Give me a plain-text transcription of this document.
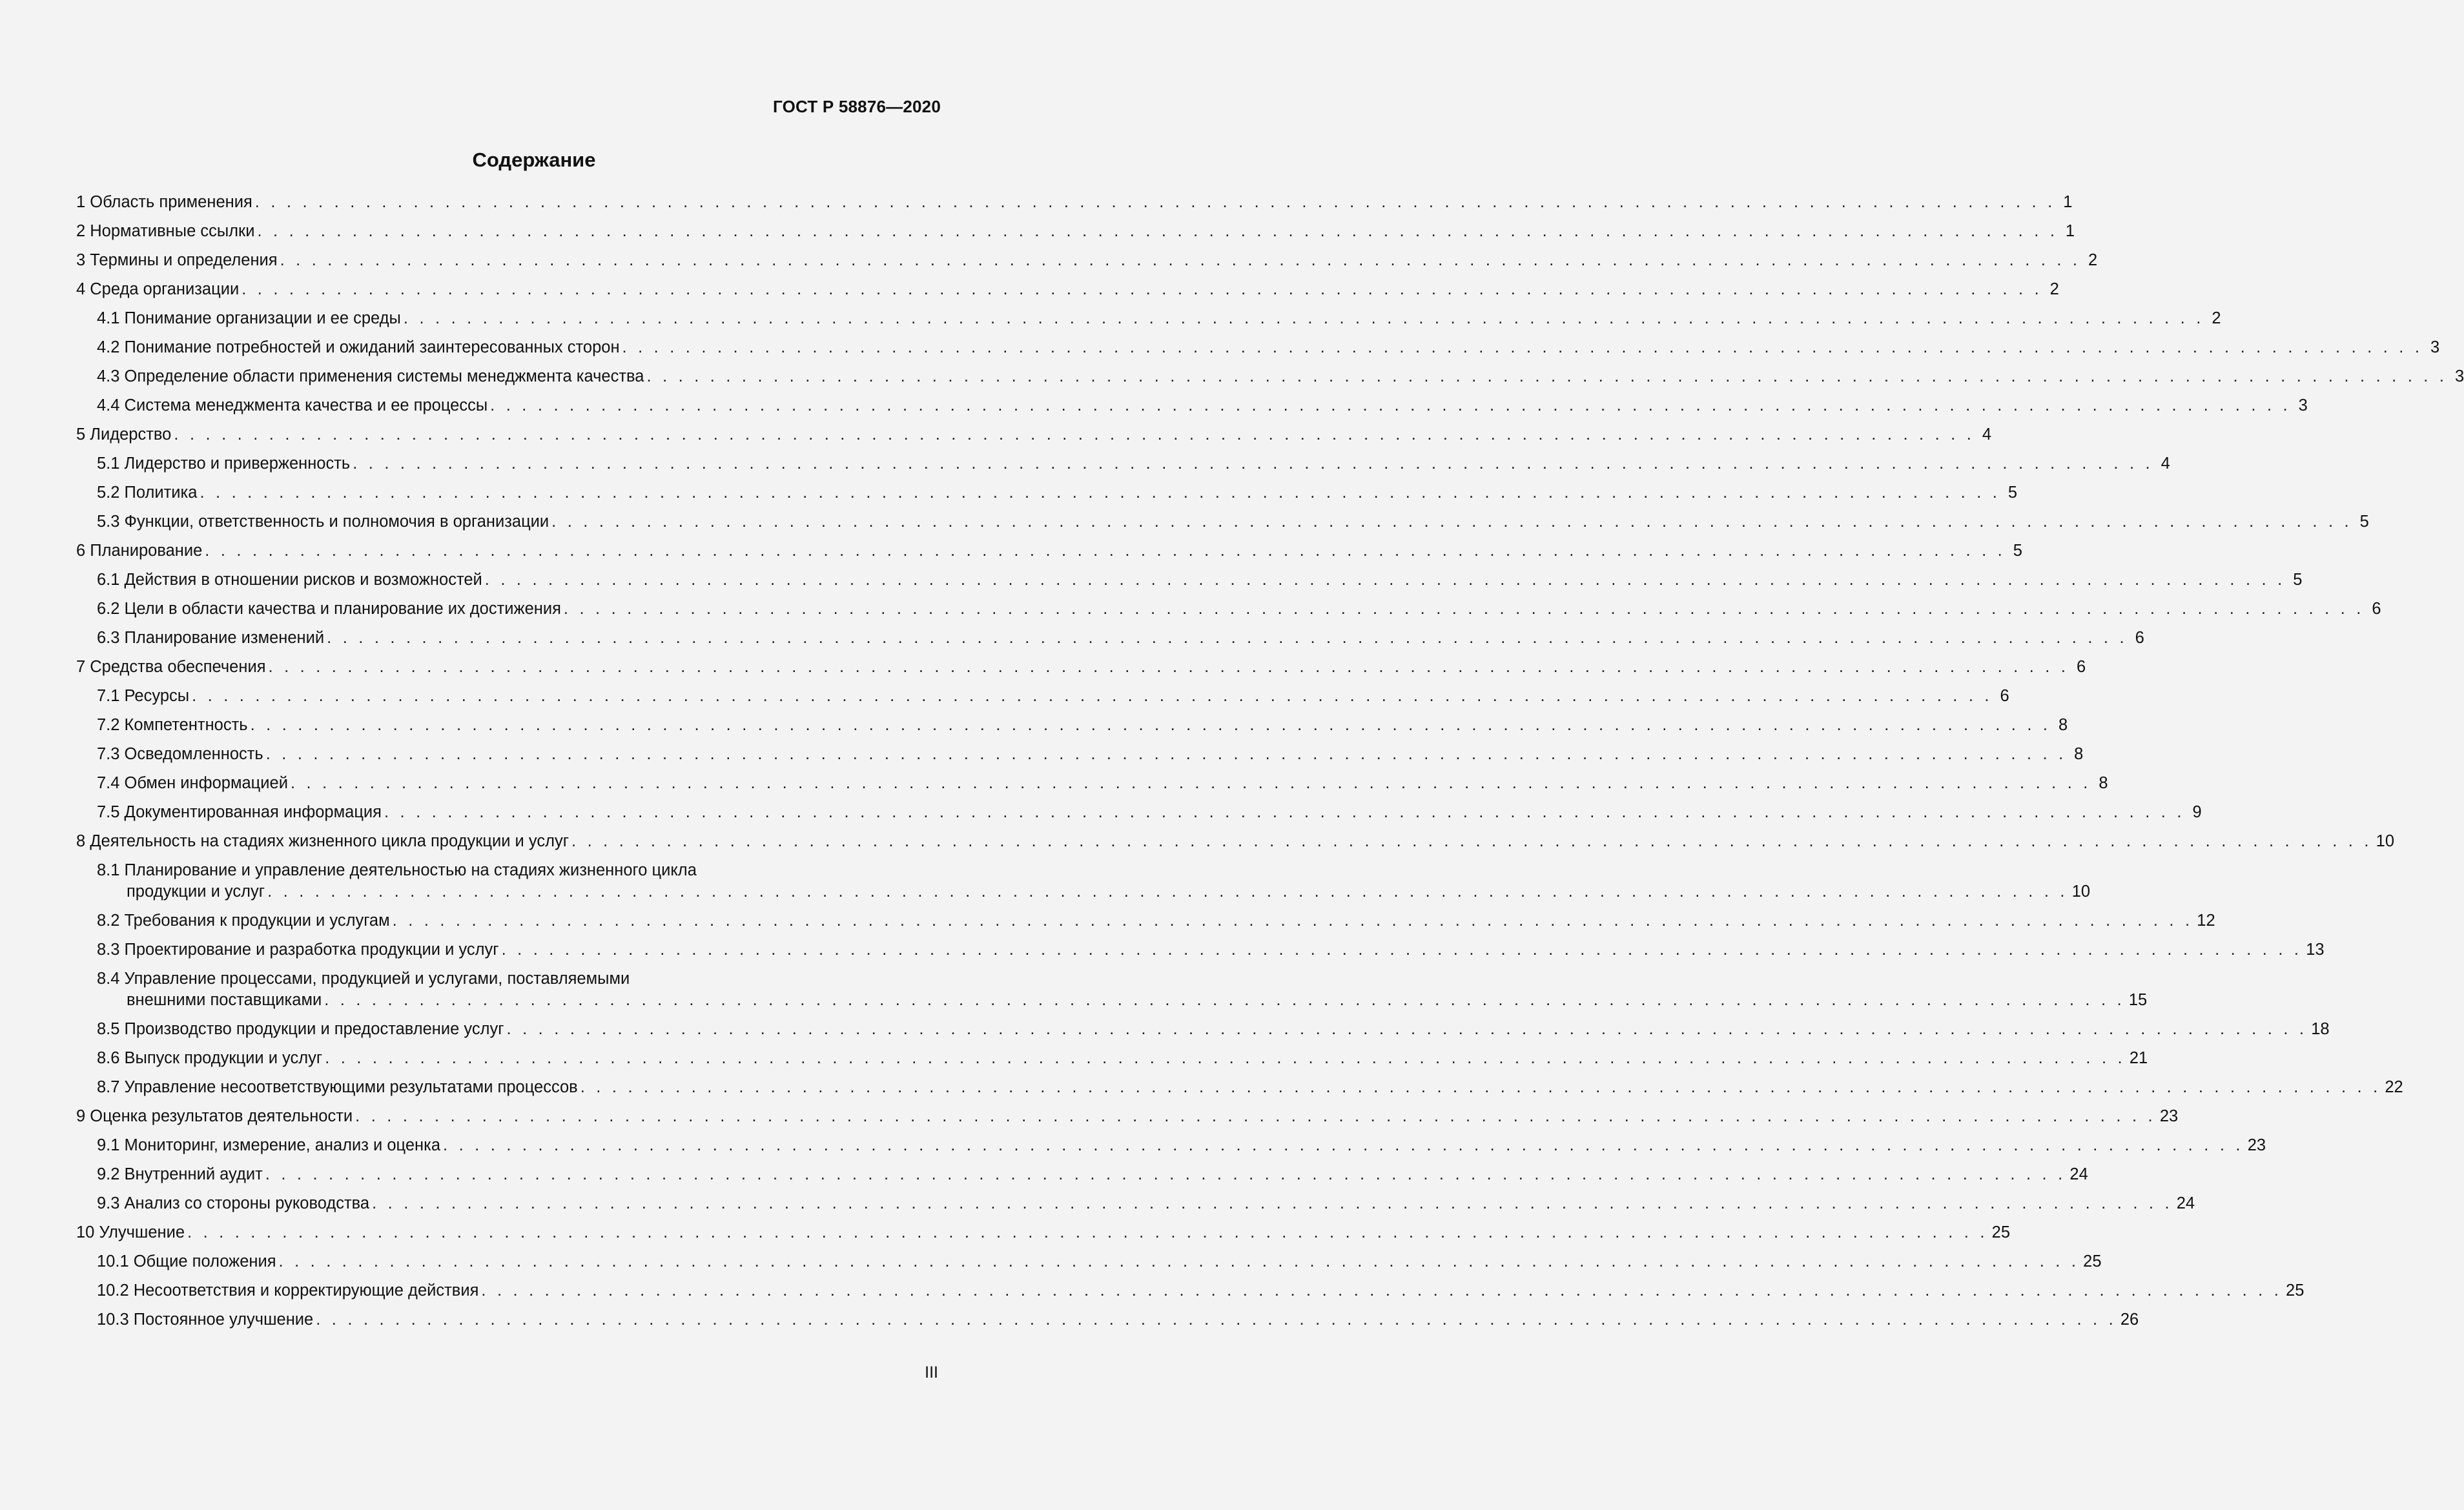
ГОСТ Р 58876—2020
Содержание
1 Область применения . . . . . . . . . . . . . . . . . . . . . . . . . . . . . . . . . . . . . . . . . . . . . . . . . . . . . . . . . . . . . . . . . . . . . . . . . . . . . . . . . . . . . . . . . . . . . . . . . . . . . . . . . . . . . . . . . . 1
2 Нормативные ссылки . . . . . . . . . . . . . . . . . . . . . . . . . . . . . . . . . . . . . . . . . . . . . . . . . . . . . . . . . . . . . . . . . . . . . . . . . . . . . . . . . . . . . . . . . . . . . . . . . . . . . . . . . . . . . . . . . . 1
3 Термины и определения . . . . . . . . . . . . . . . . . . . . . . . . . . . . . . . . . . . . . . . . . . . . . . . . . . . . . . . . . . . . . . . . . . . . . . . . . . . . . . . . . . . . . . . . . . . . . . . . . . . . . . . . . . . . . . . . . . 2
4 Среда организации . . . . . . . . . . . . . . . . . . . . . . . . . . . . . . . . . . . . . . . . . . . . . . . . . . . . . . . . . . . . . . . . . . . . . . . . . . . . . . . . . . . . . . . . . . . . . . . . . . . . . . . . . . . . . . . . . . 2
4.1 Понимание организации и ее среды . . . . . . . . . . . . . . . . . . . . . . . . . . . . . . . . . . . . . . . . . . . . . . . . . . . . . . . . . . . . . . . . . . . . . . . . . . . . . . . . . . . . . . . . . . . . . . . . . . . . . . . . . . . . . . . . . . 2
4.2 Понимание потребностей и ожиданий заинтересованных сторон . . . . . . . . . . . . . . . . . . . . . . . . . . . . . . . . . . . . . . . . . . . . . . . . . . . . . . . . . . . . . . . . . . . . . . . . . . . . . . . . . . . . . . . . . . . . . . . . . . . . . . . . . . . . . . . . . . 3
4.3 Определение области применения системы менеджмента качества . . . . . . . . . . . . . . . . . . . . . . . . . . . . . . . . . . . . . . . . . . . . . . . . . . . . . . . . . . . . . . . . . . . . . . . . . . . . . . . . . . . . . . . . . . . . . . . . . . . . . . . . . . . . . . . . . . 3
4.4 Система менеджмента качества и ее процессы . . . . . . . . . . . . . . . . . . . . . . . . . . . . . . . . . . . . . . . . . . . . . . . . . . . . . . . . . . . . . . . . . . . . . . . . . . . . . . . . . . . . . . . . . . . . . . . . . . . . . . . . . . . . . . . . . . 3
5 Лидерство . . . . . . . . . . . . . . . . . . . . . . . . . . . . . . . . . . . . . . . . . . . . . . . . . . . . . . . . . . . . . . . . . . . . . . . . . . . . . . . . . . . . . . . . . . . . . . . . . . . . . . . . . . . . . . . . . . 4
5.1 Лидерство и приверженность . . . . . . . . . . . . . . . . . . . . . . . . . . . . . . . . . . . . . . . . . . . . . . . . . . . . . . . . . . . . . . . . . . . . . . . . . . . . . . . . . . . . . . . . . . . . . . . . . . . . . . . . . . . . . . . . . . 4
5.2 Политика . . . . . . . . . . . . . . . . . . . . . . . . . . . . . . . . . . . . . . . . . . . . . . . . . . . . . . . . . . . . . . . . . . . . . . . . . . . . . . . . . . . . . . . . . . . . . . . . . . . . . . . . . . . . . . . . . . 5
5.3 Функции, ответственность и полномочия в организации . . . . . . . . . . . . . . . . . . . . . . . . . . . . . . . . . . . . . . . . . . . . . . . . . . . . . . . . . . . . . . . . . . . . . . . . . . . . . . . . . . . . . . . . . . . . . . . . . . . . . . . . . . . . . . . . . . 5
6 Планирование . . . . . . . . . . . . . . . . . . . . . . . . . . . . . . . . . . . . . . . . . . . . . . . . . . . . . . . . . . . . . . . . . . . . . . . . . . . . . . . . . . . . . . . . . . . . . . . . . . . . . . . . . . . . . . . . . . 5
6.1 Действия в отношении рисков и возможностей . . . . . . . . . . . . . . . . . . . . . . . . . . . . . . . . . . . . . . . . . . . . . . . . . . . . . . . . . . . . . . . . . . . . . . . . . . . . . . . . . . . . . . . . . . . . . . . . . . . . . . . . . . . . . . . . . . 5
6.2 Цели в области качества и планирование их достижения . . . . . . . . . . . . . . . . . . . . . . . . . . . . . . . . . . . . . . . . . . . . . . . . . . . . . . . . . . . . . . . . . . . . . . . . . . . . . . . . . . . . . . . . . . . . . . . . . . . . . . . . . . . . . . . . . . 6
6.3 Планирование изменений . . . . . . . . . . . . . . . . . . . . . . . . . . . . . . . . . . . . . . . . . . . . . . . . . . . . . . . . . . . . . . . . . . . . . . . . . . . . . . . . . . . . . . . . . . . . . . . . . . . . . . . . . . . . . . . . . . 6
7 Средства обеспечения . . . . . . . . . . . . . . . . . . . . . . . . . . . . . . . . . . . . . . . . . . . . . . . . . . . . . . . . . . . . . . . . . . . . . . . . . . . . . . . . . . . . . . . . . . . . . . . . . . . . . . . . . . . . . . . . . . 6
7.1 Ресурсы . . . . . . . . . . . . . . . . . . . . . . . . . . . . . . . . . . . . . . . . . . . . . . . . . . . . . . . . . . . . . . . . . . . . . . . . . . . . . . . . . . . . . . . . . . . . . . . . . . . . . . . . . . . . . . . . . . 6
7.2 Компетентность . . . . . . . . . . . . . . . . . . . . . . . . . . . . . . . . . . . . . . . . . . . . . . . . . . . . . . . . . . . . . . . . . . . . . . . . . . . . . . . . . . . . . . . . . . . . . . . . . . . . . . . . . . . . . . . . . . 8
7.3 Осведомленность . . . . . . . . . . . . . . . . . . . . . . . . . . . . . . . . . . . . . . . . . . . . . . . . . . . . . . . . . . . . . . . . . . . . . . . . . . . . . . . . . . . . . . . . . . . . . . . . . . . . . . . . . . . . . . . . . . 8
7.4 Обмен информацией . . . . . . . . . . . . . . . . . . . . . . . . . . . . . . . . . . . . . . . . . . . . . . . . . . . . . . . . . . . . . . . . . . . . . . . . . . . . . . . . . . . . . . . . . . . . . . . . . . . . . . . . . . . . . . . . . . 8
7.5 Документированная информация . . . . . . . . . . . . . . . . . . . . . . . . . . . . . . . . . . . . . . . . . . . . . . . . . . . . . . . . . . . . . . . . . . . . . . . . . . . . . . . . . . . . . . . . . . . . . . . . . . . . . . . . . . . . . . . . . . 9
8 Деятельность на стадиях жизненного цикла продукции и услуг . . . . . . . . . . . . . . . . . . . . . . . . . . . . . . . . . . . . . . . . . . . . . . . . . . . . . . . . . . . . . . . . . . . . . . . . . . . . . . . . . . . . . . . . . . . . . . . . . . . . . . . . . . . . . . . . . . 10
8.1 Планирование и управление деятельностью на стадиях жизненного цикла
продукции и услуг . . . . . . . . . . . . . . . . . . . . . . . . . . . . . . . . . . . . . . . . . . . . . . . . . . . . . . . . . . . . . . . . . . . . . . . . . . . . . . . . . . . . . . . . . . . . . . . . . . . . . . . . . . . . . . . . . . 10
8.2 Требования к продукции и услугам . . . . . . . . . . . . . . . . . . . . . . . . . . . . . . . . . . . . . . . . . . . . . . . . . . . . . . . . . . . . . . . . . . . . . . . . . . . . . . . . . . . . . . . . . . . . . . . . . . . . . . . . . . . . . . . . . . 12
8.3 Проектирование и разработка продукции и услуг . . . . . . . . . . . . . . . . . . . . . . . . . . . . . . . . . . . . . . . . . . . . . . . . . . . . . . . . . . . . . . . . . . . . . . . . . . . . . . . . . . . . . . . . . . . . . . . . . . . . . . . . . . . . . . . . . . 13
8.4 Управление процессами, продукцией и услугами, поставляемыми
внешними поставщиками . . . . . . . . . . . . . . . . . . . . . . . . . . . . . . . . . . . . . . . . . . . . . . . . . . . . . . . . . . . . . . . . . . . . . . . . . . . . . . . . . . . . . . . . . . . . . . . . . . . . . . . . . . . . . . . . . . 15
8.5 Производство продукции и предоставление услуг . . . . . . . . . . . . . . . . . . . . . . . . . . . . . . . . . . . . . . . . . . . . . . . . . . . . . . . . . . . . . . . . . . . . . . . . . . . . . . . . . . . . . . . . . . . . . . . . . . . . . . . . . . . . . . . . . . 18
8.6 Выпуск продукции и услуг . . . . . . . . . . . . . . . . . . . . . . . . . . . . . . . . . . . . . . . . . . . . . . . . . . . . . . . . . . . . . . . . . . . . . . . . . . . . . . . . . . . . . . . . . . . . . . . . . . . . . . . . . . . . . . . . . . 21
8.7 Управление несоответствующими результатами процессов . . . . . . . . . . . . . . . . . . . . . . . . . . . . . . . . . . . . . . . . . . . . . . . . . . . . . . . . . . . . . . . . . . . . . . . . . . . . . . . . . . . . . . . . . . . . . . . . . . . . . . . . . . . . . . . . . . 22
9 Оценка результатов деятельности . . . . . . . . . . . . . . . . . . . . . . . . . . . . . . . . . . . . . . . . . . . . . . . . . . . . . . . . . . . . . . . . . . . . . . . . . . . . . . . . . . . . . . . . . . . . . . . . . . . . . . . . . . . . . . . . . . 23
9.1 Мониторинг, измерение, анализ и оценка . . . . . . . . . . . . . . . . . . . . . . . . . . . . . . . . . . . . . . . . . . . . . . . . . . . . . . . . . . . . . . . . . . . . . . . . . . . . . . . . . . . . . . . . . . . . . . . . . . . . . . . . . . . . . . . . . . 23
9.2 Внутренний аудит . . . . . . . . . . . . . . . . . . . . . . . . . . . . . . . . . . . . . . . . . . . . . . . . . . . . . . . . . . . . . . . . . . . . . . . . . . . . . . . . . . . . . . . . . . . . . . . . . . . . . . . . . . . . . . . . . . 24
9.3 Анализ со стороны руководства . . . . . . . . . . . . . . . . . . . . . . . . . . . . . . . . . . . . . . . . . . . . . . . . . . . . . . . . . . . . . . . . . . . . . . . . . . . . . . . . . . . . . . . . . . . . . . . . . . . . . . . . . . . . . . . . . . 24
10 Улучшение . . . . . . . . . . . . . . . . . . . . . . . . . . . . . . . . . . . . . . . . . . . . . . . . . . . . . . . . . . . . . . . . . . . . . . . . . . . . . . . . . . . . . . . . . . . . . . . . . . . . . . . . . . . . . . . . . . 25
10.1 Общие положения . . . . . . . . . . . . . . . . . . . . . . . . . . . . . . . . . . . . . . . . . . . . . . . . . . . . . . . . . . . . . . . . . . . . . . . . . . . . . . . . . . . . . . . . . . . . . . . . . . . . . . . . . . . . . . . . . . 25
10.2 Несоответствия и корректирующие действия . . . . . . . . . . . . . . . . . . . . . . . . . . . . . . . . . . . . . . . . . . . . . . . . . . . . . . . . . . . . . . . . . . . . . . . . . . . . . . . . . . . . . . . . . . . . . . . . . . . . . . . . . . . . . . . . . . 25
10.3 Постоянное улучшение . . . . . . . . . . . . . . . . . . . . . . . . . . . . . . . . . . . . . . . . . . . . . . . . . . . . . . . . . . . . . . . . . . . . . . . . . . . . . . . . . . . . . . . . . . . . . . . . . . . . . . . . . . . . . . . . . . 26
III
